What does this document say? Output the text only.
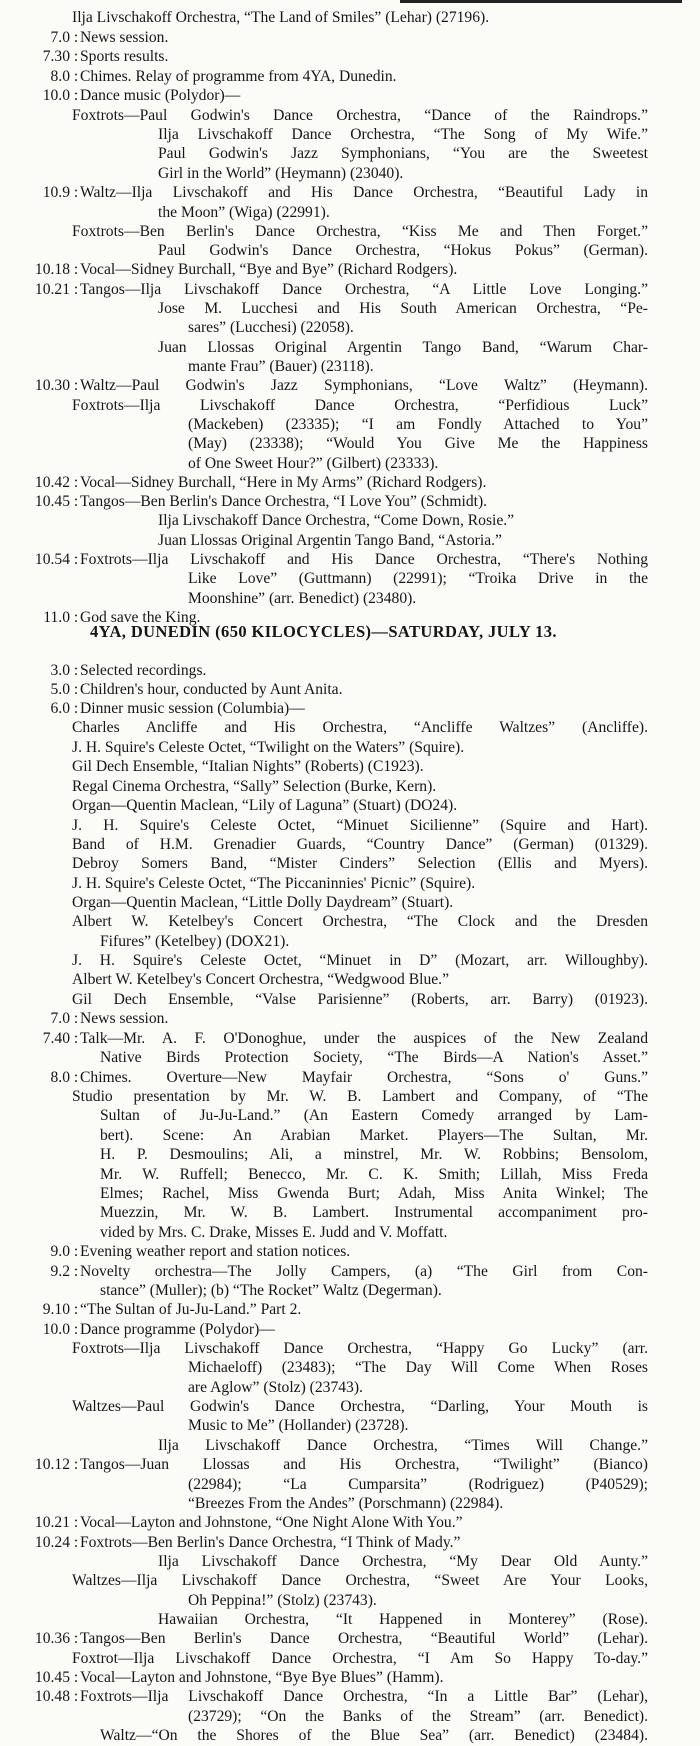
Ilja Livschakoff Orchestra, “The Land of Smiles” (Lehar) (27196).
7.0 : News session.
7.30 : Sports results.
8.0 : Chimes. Relay of programme from 4YA, Dunedin.
10.0 : Dance music (Polydor)—
Foxtrots—Paul Godwin's Dance Orchestra, “Dance of the Raindrops.”
Ilja Livschakoff Dance Orchestra, “The Song of My Wife.”
Paul Godwin's Jazz Symphonians, “You are the Sweetest
Girl in the World” (Heymann) (23040).
10.9 : Waltz—Ilja Livschakoff and His Dance Orchestra, “Beautiful Lady in
the Moon” (Wiga) (22991).
Foxtrots—Ben Berlin's Dance Orchestra, “Kiss Me and Then Forget.”
Paul Godwin's Dance Orchestra, “Hokus Pokus” (German).
10.18 : Vocal—Sidney Burchall, “Bye and Bye” (Richard Rodgers).
10.21 : Tangos—Ilja Livschakoff Dance Orchestra, “A Little Love Longing.”
Jose M. Lucchesi and His South American Orchestra, “Pe-
sares” (Lucchesi) (22058).
Juan Llossas Original Argentin Tango Band, “Warum Char-
mante Frau” (Bauer) (23118).
10.30 : Waltz—Paul Godwin's Jazz Symphonians, “Love Waltz” (Heymann).
Foxtrots—Ilja Livschakoff Dance Orchestra, “Perfidious Luck”
(Mackeben) (23335); “I am Fondly Attached to You”
(May) (23338); “Would You Give Me the Happiness
of One Sweet Hour?” (Gilbert) (23333).
10.42 : Vocal—Sidney Burchall, “Here in My Arms” (Richard Rodgers).
10.45 : Tangos—Ben Berlin's Dance Orchestra, “I Love You” (Schmidt).
Ilja Livschakoff Dance Orchestra, “Come Down, Rosie.”
Juan Llossas Original Argentin Tango Band, “Astoria.”
10.54 : Foxtrots—Ilja Livschakoff and His Dance Orchestra, “There's Nothing
Like Love” (Guttmann) (22991); “Troika Drive in the
Moonshine” (arr. Benedict) (23480).
11.0 : God save the King.
4YA, DUNEDIN (650 KILOCYCLES)—SATURDAY, JULY 13.
3.0 : Selected recordings.
5.0 : Children's hour, conducted by Aunt Anita.
6.0 : Dinner music session (Columbia)—
Charles Ancliffe and His Orchestra, “Ancliffe Waltzes” (Ancliffe).
J. H. Squire's Celeste Octet, “Twilight on the Waters” (Squire).
Gil Dech Ensemble, “Italian Nights” (Roberts) (C1923).
Regal Cinema Orchestra, “Sally” Selection (Burke, Kern).
Organ—Quentin Maclean, “Lily of Laguna” (Stuart) (DO24).
J. H. Squire's Celeste Octet, “Minuet Sicilienne” (Squire and Hart).
Band of H.M. Grenadier Guards, “Country Dance” (German) (01329).
Debroy Somers Band, “Mister Cinders” Selection (Ellis and Myers).
J. H. Squire's Celeste Octet, “The Piccaninnies' Picnic” (Squire).
Organ—Quentin Maclean, “Little Dolly Daydream” (Stuart).
Albert W. Ketelbey's Concert Orchestra, “The Clock and the Dresden
Fifures” (Ketelbey) (DOX21).
J. H. Squire's Celeste Octet, “Minuet in D” (Mozart, arr. Willoughby).
Albert W. Ketelbey's Concert Orchestra, “Wedgwood Blue.”
Gil Dech Ensemble, “Valse Parisienne” (Roberts, arr. Barry) (01923).
7.0 : News session.
7.40 : Talk—Mr. A. F. O'Donoghue, under the auspices of the New Zealand
Native Birds Protection Society, “The Birds—A Nation's Asset.”
8.0 : Chimes. Overture—New Mayfair Orchestra, “Sons o' Guns.”
Studio presentation by Mr. W. B. Lambert and Company, of “The
Sultan of Ju-Ju-Land.” (An Eastern Comedy arranged by Lam-
bert). Scene: An Arabian Market. Players—The Sultan, Mr.
H. P. Desmoulins; Ali, a minstrel, Mr. W. Robbins; Bensolom,
Mr. W. Ruffell; Benecco, Mr. C. K. Smith; Lillah, Miss Freda
Elmes; Rachel, Miss Gwenda Burt; Adah, Miss Anita Winkel; The
Muezzin, Mr. W. B. Lambert. Instrumental accompaniment pro-
vided by Mrs. C. Drake, Misses E. Judd and V. Moffatt.
9.0 : Evening weather report and station notices.
9.2 : Novelty orchestra—The Jolly Campers, (a) “The Girl from Con-
stance” (Muller); (b) “The Rocket” Waltz (Degerman).
9.10 : “The Sultan of Ju-Ju-Land.” Part 2.
10.0 : Dance programme (Polydor)—
Foxtrots—Ilja Livschakoff Dance Orchestra, “Happy Go Lucky” (arr.
Michaeloff) (23483); “The Day Will Come When Roses
are Aglow” (Stolz) (23743).
Waltzes—Paul Godwin's Dance Orchestra, “Darling, Your Mouth is
Music to Me” (Hollander) (23728).
Ilja Livschakoff Dance Orchestra, “Times Will Change.”
10.12 : Tangos—Juan Llossas and His Orchestra, “Twilight” (Bianco)
(22984); “La Cumparsita” (Rodriguez) (P40529);
“Breezes From the Andes” (Porschmann) (22984).
10.21 : Vocal—Layton and Johnstone, “One Night Alone With You.”
10.24 : Foxtrots—Ben Berlin's Dance Orchestra, “I Think of Mady.”
Ilja Livschakoff Dance Orchestra, “My Dear Old Aunty.”
Waltzes—Ilja Livschakoff Dance Orchestra, “Sweet Are Your Looks,
Oh Peppina!” (Stolz) (23743).
Hawaiian Orchestra, “It Happened in Monterey” (Rose).
10.36 : Tangos—Ben Berlin's Dance Orchestra, “Beautiful World” (Lehar).
Foxtrot—Ilja Livschakoff Dance Orchestra, “I Am So Happy To-day.”
10.45 : Vocal—Layton and Johnstone, “Bye Bye Blues” (Hamm).
10.48 : Foxtrots—Ilja Livschakoff Dance Orchestra, “In a Little Bar” (Lehar),
(23729); “On the Banks of the Stream” (arr. Benedict).
Waltz—“On the Shores of the Blue Sea” (arr. Benedict) (23484).
